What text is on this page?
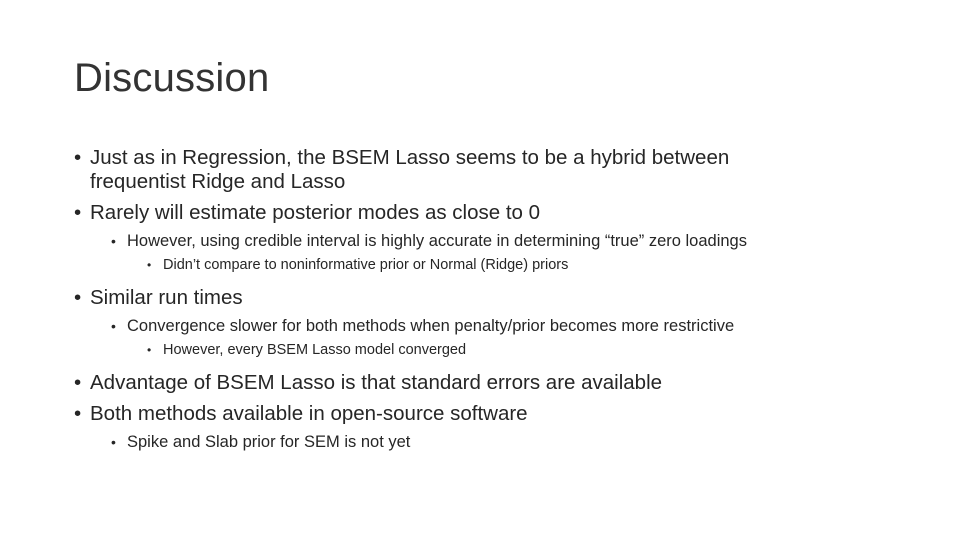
Discussion
• Just as in Regression, the BSEM Lasso seems to be a hybrid between frequentist Ridge and Lasso
• Rarely will estimate posterior modes as close to 0
• However, using credible interval is highly accurate in determining “true” zero loadings
• Didn’t compare to noninformative prior or Normal (Ridge) priors
• Similar run times
• Convergence slower for both methods when penalty/prior becomes more restrictive
• However, every BSEM Lasso model converged
• Advantage of BSEM Lasso is that standard errors are available
• Both methods available in open-source software
• Spike and Slab prior for SEM is not yet
